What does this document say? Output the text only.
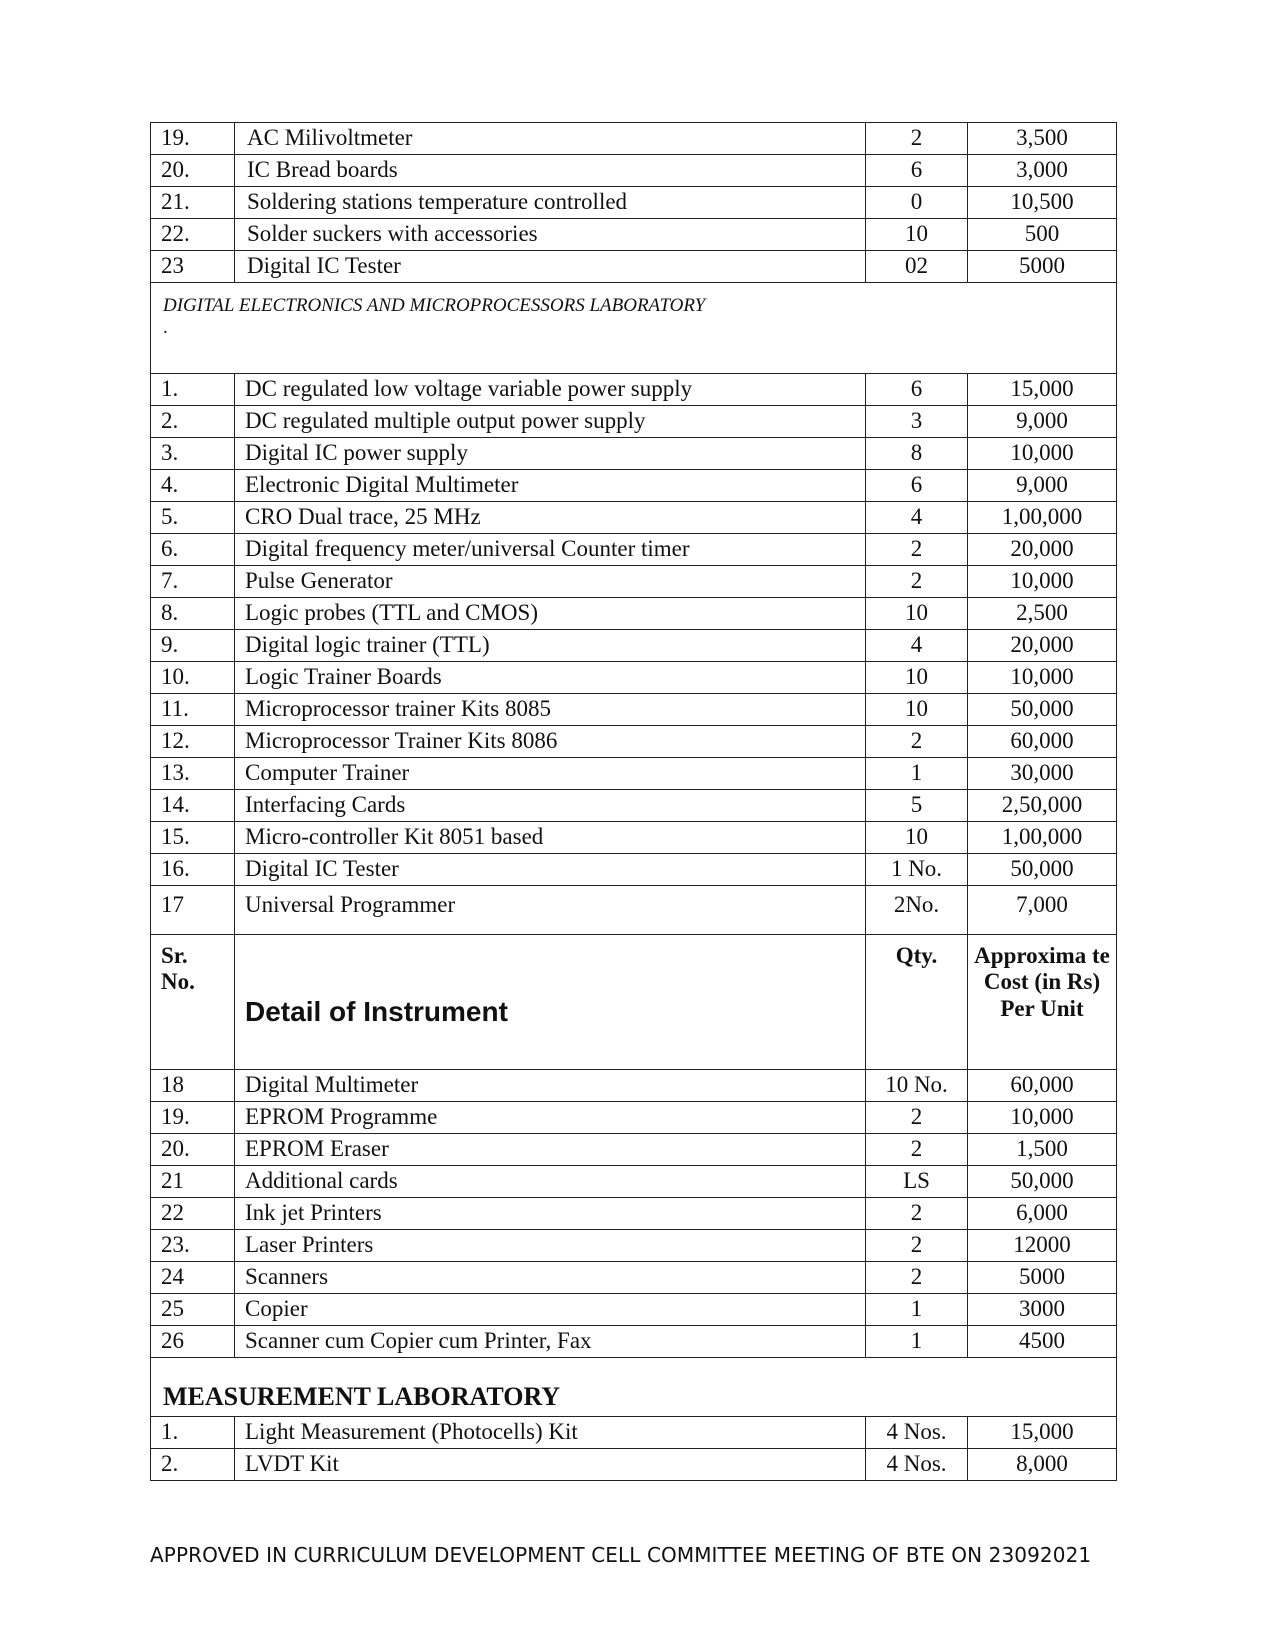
19.	AC Milivoltmeter	2	3,500
20.	IC Bread boards	6	3,000
21.	Soldering stations temperature controlled	0	10,500
22.	Solder suckers with accessories	10	500
23	Digital IC Tester	02	5000
DIGITAL ELECTRONICS AND MICROPROCESSORS LABORATORY
.			

1.	DC regulated low voltage variable power supply	6	15,000
2.	DC regulated multiple output power supply	3	9,000
3.	Digital IC power supply	8	10,000
4.	Electronic Digital Multimeter	6	9,000
5.	CRO Dual trace, 25 MHz	4	1,00,000
6.	Digital frequency meter/universal Counter timer	2	20,000
7.	Pulse Generator	2	10,000
8.	Logic probes (TTL and CMOS)	10	2,500
9.	Digital logic trainer (TTL)	4	20,000
10.	Logic Trainer Boards	10	10,000
11.	Microprocessor trainer Kits 8085	10	50,000
12.	Microprocessor Trainer Kits 8086	2	60,000
13.	Computer Trainer	1	30,000
14.	Interfacing Cards	5	2,50,000
15.	Micro-controller Kit 8051 based	10	1,00,000
16.	Digital IC Tester	1 No.	50,000
17	Universal Programmer	2No.	7,000
Sr.
No.	Detail of Instrument	Qty.	Approxima te Cost (in Rs) Per Unit
18	Digital Multimeter	10 No.	60,000
19.	EPROM Programme	2	10,000
20.	EPROM Eraser	2	1,500
21	Additional cards	LS	50,000
22	Ink jet Printers	2	6,000
23.	Laser Printers	2	12000
24	Scanners	2	5000
25	Copier	1	3000
26	Scanner cum Copier cum Printer, Fax	1	4500
MEASUREMENT LABORATORY			
1.	Light Measurement (Photocells) Kit	4 Nos.	15,000
2.	LVDT Kit	4 Nos.	8,000
APPROVED IN CURRICULUM DEVELOPMENT CELL COMMITTEE MEETING OF BTE ON 23092021
